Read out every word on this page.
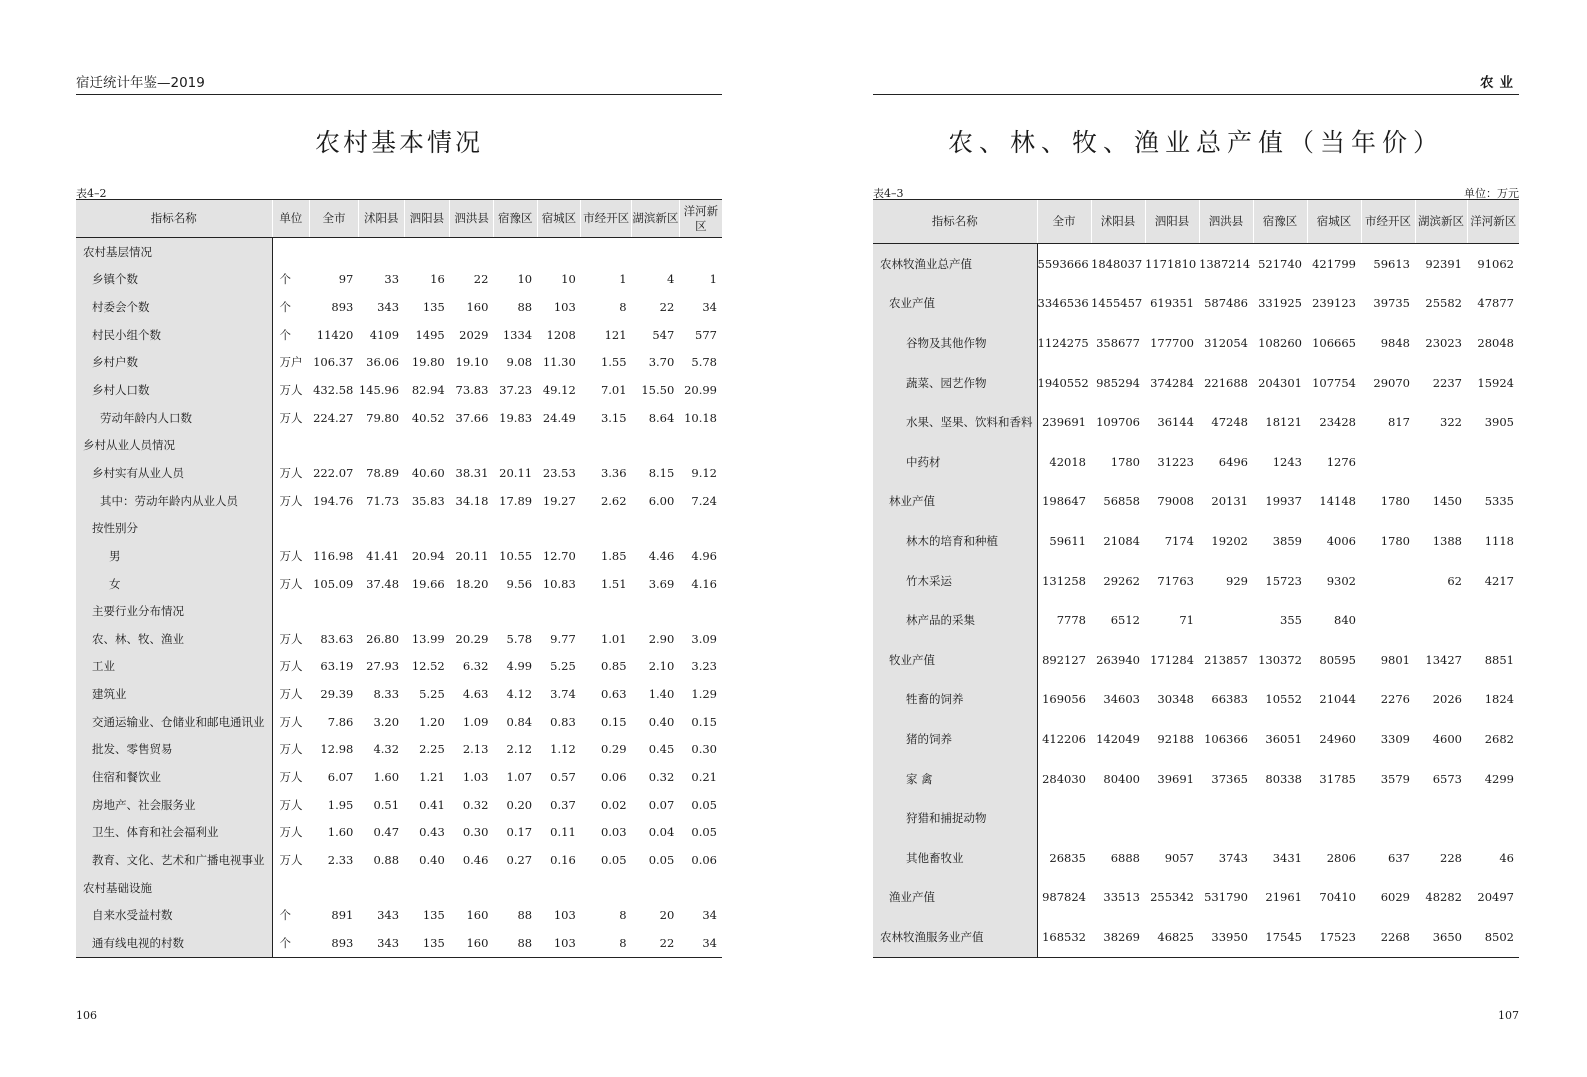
宿迁统计年鉴—2019
农村基本情况
表4–2
指标名称	单位	全市	沭阳县	泗阳县	泗洪县	宿豫区	宿城区	市经开区	湖滨新区	洋河新区
农村基层情况										
乡镇个数	个	97	33	16	22	10	10	1	4	1
村委会个数	个	893	343	135	160	88	103	8	22	34
村民小组个数	个	11420	4109	1495	2029	1334	1208	121	547	577
乡村户数	万户	106.37	36.06	19.80	19.10	9.08	11.30	1.55	3.70	5.78
乡村人口数	万人	432.58	145.96	82.94	73.83	37.23	49.12	7.01	15.50	20.99
劳动年龄内人口数	万人	224.27	79.80	40.52	37.66	19.83	24.49	3.15	8.64	10.18
乡村从业人员情况										
乡村实有从业人员	万人	222.07	78.89	40.60	38.31	20.11	23.53	3.36	8.15	9.12
其中：劳动年龄内从业人员	万人	194.76	71.73	35.83	34.18	17.89	19.27	2.62	6.00	7.24
按性别分										
男	万人	116.98	41.41	20.94	20.11	10.55	12.70	1.85	4.46	4.96
女	万人	105.09	37.48	19.66	18.20	9.56	10.83	1.51	3.69	4.16
主要行业分布情况										
农、林、牧、渔业	万人	83.63	26.80	13.99	20.29	5.78	9.77	1.01	2.90	3.09
工业	万人	63.19	27.93	12.52	6.32	4.99	5.25	0.85	2.10	3.23
建筑业	万人	29.39	8.33	5.25	4.63	4.12	3.74	0.63	1.40	1.29
交通运输业、仓储业和邮电通讯业	万人	7.86	3.20	1.20	1.09	0.84	0.83	0.15	0.40	0.15
批发、零售贸易	万人	12.98	4.32	2.25	2.13	2.12	1.12	0.29	0.45	0.30
住宿和餐饮业	万人	6.07	1.60	1.21	1.03	1.07	0.57	0.06	0.32	0.21
房地产、社会服务业	万人	1.95	0.51	0.41	0.32	0.20	0.37	0.02	0.07	0.05
卫生、体育和社会福利业	万人	1.60	0.47	0.43	0.30	0.17	0.11	0.03	0.04	0.05
教育、文化、艺术和广播电视事业	万人	2.33	0.88	0.40	0.46	0.27	0.16	0.05	0.05	0.06
农村基础设施										
自来水受益村数	个	891	343	135	160	88	103	8	20	34
通有线电视的村数	个	893	343	135	160	88	103	8	22	34
106
农业
农、林、牧、渔业总产值（当年价）
表4–3	单位：万元
指标名称	全市	沭阳县	泗阳县	泗洪县	宿豫区	宿城区	市经开区	湖滨新区	洋河新区
农林牧渔业总产值	5593666	1848037	1171810	1387214	521740	421799	59613	92391	91062
农业产值	3346536	1455457	619351	587486	331925	239123	39735	25582	47877
谷物及其他作物	1124275	358677	177700	312054	108260	106665	9848	23023	28048
蔬菜、园艺作物	1940552	985294	374284	221688	204301	107754	29070	2237	15924
水果、坚果、饮料和香料	239691	109706	36144	47248	18121	23428	817	322	3905
中药材	42018	1780	31223	6496	1243	1276			
林业产值	198647	56858	79008	20131	19937	14148	1780	1450	5335
林木的培育和种植	59611	21084	7174	19202	3859	4006	1780	1388	1118
竹木采运	131258	29262	71763	929	15723	9302		62	4217
林产品的采集	7778	6512	71		355	840			
牧业产值	892127	263940	171284	213857	130372	80595	9801	13427	8851
牲畜的饲养	169056	34603	30348	66383	10552	21044	2276	2026	1824
猪的饲养	412206	142049	92188	106366	36051	24960	3309	4600	2682
家 禽	284030	80400	39691	37365	80338	31785	3579	6573	4299
狩猎和捕捉动物									
其他畜牧业	26835	6888	9057	3743	3431	2806	637	228	46
渔业产值	987824	33513	255342	531790	21961	70410	6029	48282	20497
农林牧渔服务业产值	168532	38269	46825	33950	17545	17523	2268	3650	8502
107
